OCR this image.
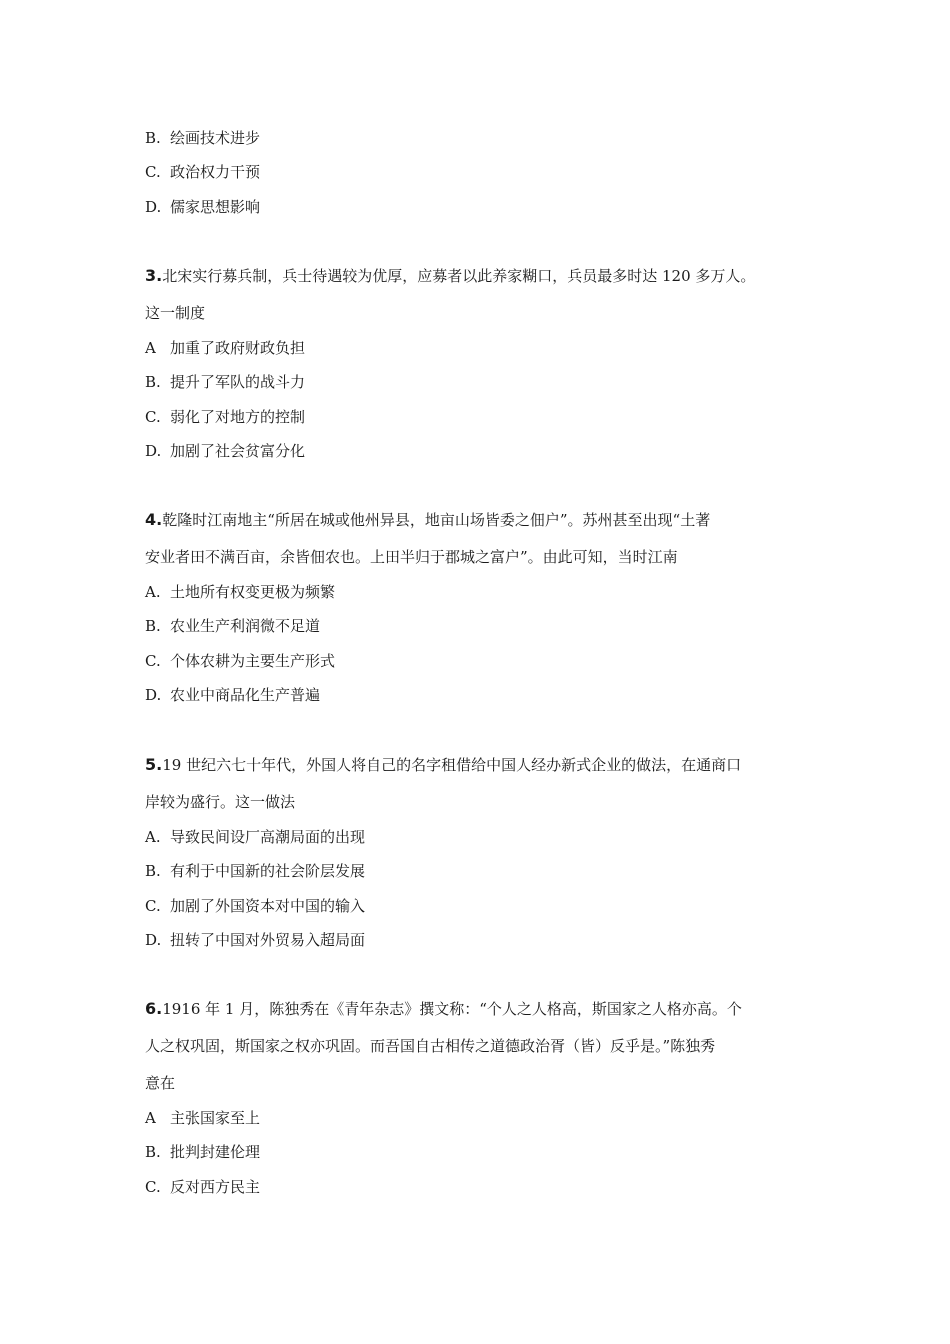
B. 绘画技术进步
C. 政治权力干预
D. 儒家思想影响
3.北宋实行募兵制，兵士待遇较为优厚，应募者以此养家糊口，兵员最多时达 120 多万人。
这一制度
A 加重了政府财政负担
B. 提升了军队的战斗力
C. 弱化了对地方的控制
D. 加剧了社会贫富分化
4.乾隆时江南地主“所居在城或他州异县，地亩山场皆委之佃户”。苏州甚至出现“土著
安业者田不满百亩，余皆佃农也。上田半归于郡城之富户”。由此可知，当时江南
A. 土地所有权变更极为频繁
B. 农业生产利润微不足道
C. 个体农耕为主要生产形式
D. 农业中商品化生产普遍
5.19 世纪六七十年代，外国人将自己的名字租借给中国人经办新式企业的做法，在通商口
岸较为盛行。这一做法
A. 导致民间设厂高潮局面的出现
B. 有利于中国新的社会阶层发展
C. 加剧了外国资本对中国的输入
D. 扭转了中国对外贸易入超局面
6.1916 年 1 月，陈独秀在《青年杂志》撰文称：“个人之人格高，斯国家之人格亦高。个
人之权巩固，斯国家之权亦巩固。而吾国自古相传之道德政治胥（皆）反乎是。”陈独秀
意在
A 主张国家至上
B. 批判封建伦理
C. 反对西方民主
